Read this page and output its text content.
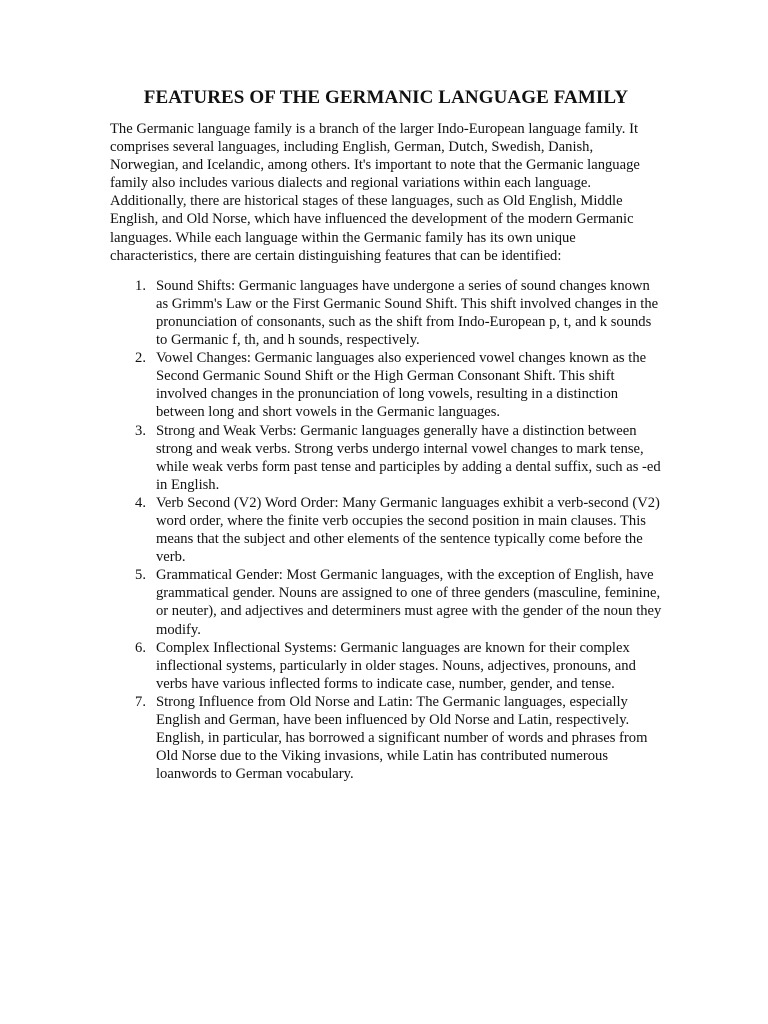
FEATURES OF THE GERMANIC LANGUAGE FAMILY

The Germanic language family is a branch of the larger Indo-European language family. It comprises several languages, including English, German, Dutch, Swedish, Danish, Norwegian, and Icelandic, among others. It's important to note that the Germanic language family also includes various dialects and regional variations within each language. Additionally, there are historical stages of these languages, such as Old English, Middle English, and Old Norse, which have influenced the development of the modern Germanic languages. While each language within the Germanic family has its own unique characteristics, there are certain distinguishing features that can be identified:

1. Sound Shifts: Germanic languages have undergone a series of sound changes known as Grimm's Law or the First Germanic Sound Shift. This shift involved changes in the pronunciation of consonants, such as the shift from Indo-European p, t, and k sounds to Germanic f, th, and h sounds, respectively.
2. Vowel Changes: Germanic languages also experienced vowel changes known as the Second Germanic Sound Shift or the High German Consonant Shift. This shift involved changes in the pronunciation of long vowels, resulting in a distinction between long and short vowels in the Germanic languages.
3. Strong and Weak Verbs: Germanic languages generally have a distinction between strong and weak verbs. Strong verbs undergo internal vowel changes to mark tense, while weak verbs form past tense and participles by adding a dental suffix, such as -ed in English.
4. Verb Second (V2) Word Order: Many Germanic languages exhibit a verb-second (V2) word order, where the finite verb occupies the second position in main clauses. This means that the subject and other elements of the sentence typically come before the verb.
5. Grammatical Gender: Most Germanic languages, with the exception of English, have grammatical gender. Nouns are assigned to one of three genders (masculine, feminine, or neuter), and adjectives and determiners must agree with the gender of the noun they modify.
6. Complex Inflectional Systems: Germanic languages are known for their complex inflectional systems, particularly in older stages. Nouns, adjectives, pronouns, and verbs have various inflected forms to indicate case, number, gender, and tense.
7. Strong Influence from Old Norse and Latin: The Germanic languages, especially English and German, have been influenced by Old Norse and Latin, respectively. English, in particular, has borrowed a significant number of words and phrases from Old Norse due to the Viking invasions, while Latin has contributed numerous loanwords to German vocabulary.
